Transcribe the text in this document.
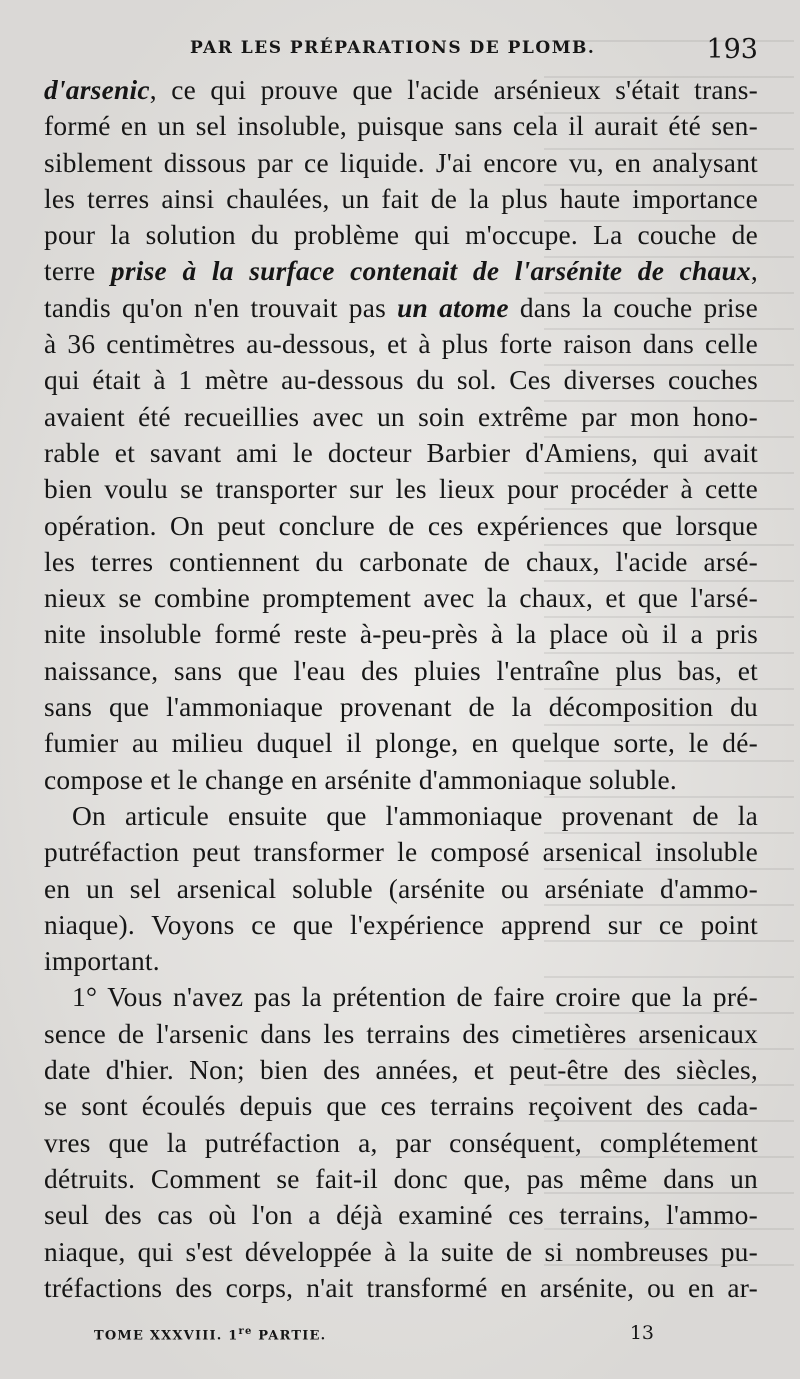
PAR LES PRÉPARATIONS DE PLOMB.	193
d'arsenic, ce qui prouve que l'acide arsénieux s'était trans-
formé en un sel insoluble, puisque sans cela il aurait été sen-
siblement dissous par ce liquide. J'ai encore vu, en analysant
les terres ainsi chaulées, un fait de la plus haute importance
pour la solution du problème qui m'occupe. La couche de
terre prise à la surface contenait de l'arsénite de chaux,
tandis qu'on n'en trouvait pas un atome dans la couche prise
à 36 centimètres au-dessous, et à plus forte raison dans celle
qui était à 1 mètre au-dessous du sol. Ces diverses couches
avaient été recueillies avec un soin extrême par mon hono-
rable et savant ami le docteur Barbier d'Amiens, qui avait
bien voulu se transporter sur les lieux pour procéder à cette
opération. On peut conclure de ces expériences que lorsque
les terres contiennent du carbonate de chaux, l'acide arsé-
nieux se combine promptement avec la chaux, et que l'arsé-
nite insoluble formé reste à-peu-près à la place où il a pris
naissance, sans que l'eau des pluies l'entraîne plus bas, et
sans que l'ammoniaque provenant de la décomposition du
fumier au milieu duquel il plonge, en quelque sorte, le dé-
compose et le change en arsénite d'ammoniaque soluble.
On articule ensuite que l'ammoniaque provenant de la
putréfaction peut transformer le composé arsenical insoluble
en un sel arsenical soluble (arsénite ou arséniate d'ammo-
niaque). Voyons ce que l'expérience apprend sur ce point
important.
1° Vous n'avez pas la prétention de faire croire que la pré-
sence de l'arsenic dans les terrains des cimetières arsenicaux
date d'hier. Non; bien des années, et peut-être des siècles,
se sont écoulés depuis que ces terrains reçoivent des cada-
vres que la putréfaction a, par conséquent, complétement
détruits. Comment se fait-il donc que, pas même dans un
seul des cas où l'on a déjà examiné ces terrains, l'ammo-
niaque, qui s'est développée à la suite de si nombreuses pu-
tréfactions des corps, n'ait transformé en arsénite, ou en ar-
TOME XXXVIII. 1re PARTIE.	13
